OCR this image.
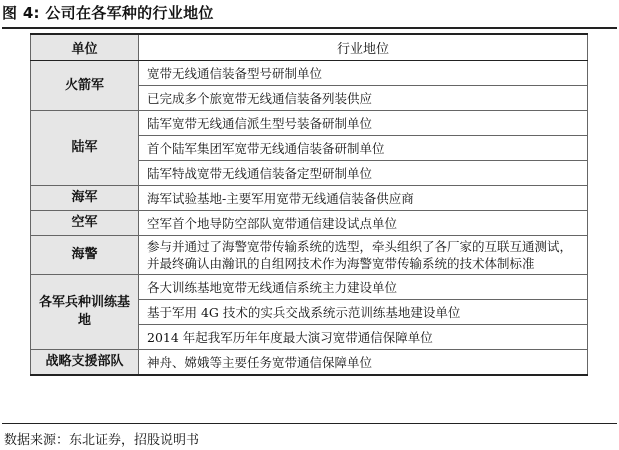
图 4: 公司在各军种的行业地位
单位	行业地位
火箭军	宽带无线通信装备型号研制单位
	已完成多个旅宽带无线通信装备列装供应
陆军	陆军宽带无线通信派生型号装备研制单位
	首个陆军集团军宽带无线通信装备研制单位
	陆军特战宽带无线通信装备定型研制单位
海军	海军试验基地-主要军用宽带无线通信装备供应商
空军	空军首个地导防空部队宽带通信建设试点单位
海警	参与并通过了海警宽带传输系统的选型，牵头组织了各厂家的互联互通测试，并最终确认由瀚讯的自组网技术作为海警宽带传输系统的技术体制标准
各军兵种训练基地	各大训练基地宽带无线通信系统主力建设单位
	基于军用 4G 技术的实兵交战系统示范训练基地建设单位
	2014 年起我军历年年度最大演习宽带通信保障单位
战略支援部队	神舟、嫦娥等主要任务宽带通信保障单位
数据来源：东北证券，招股说明书
